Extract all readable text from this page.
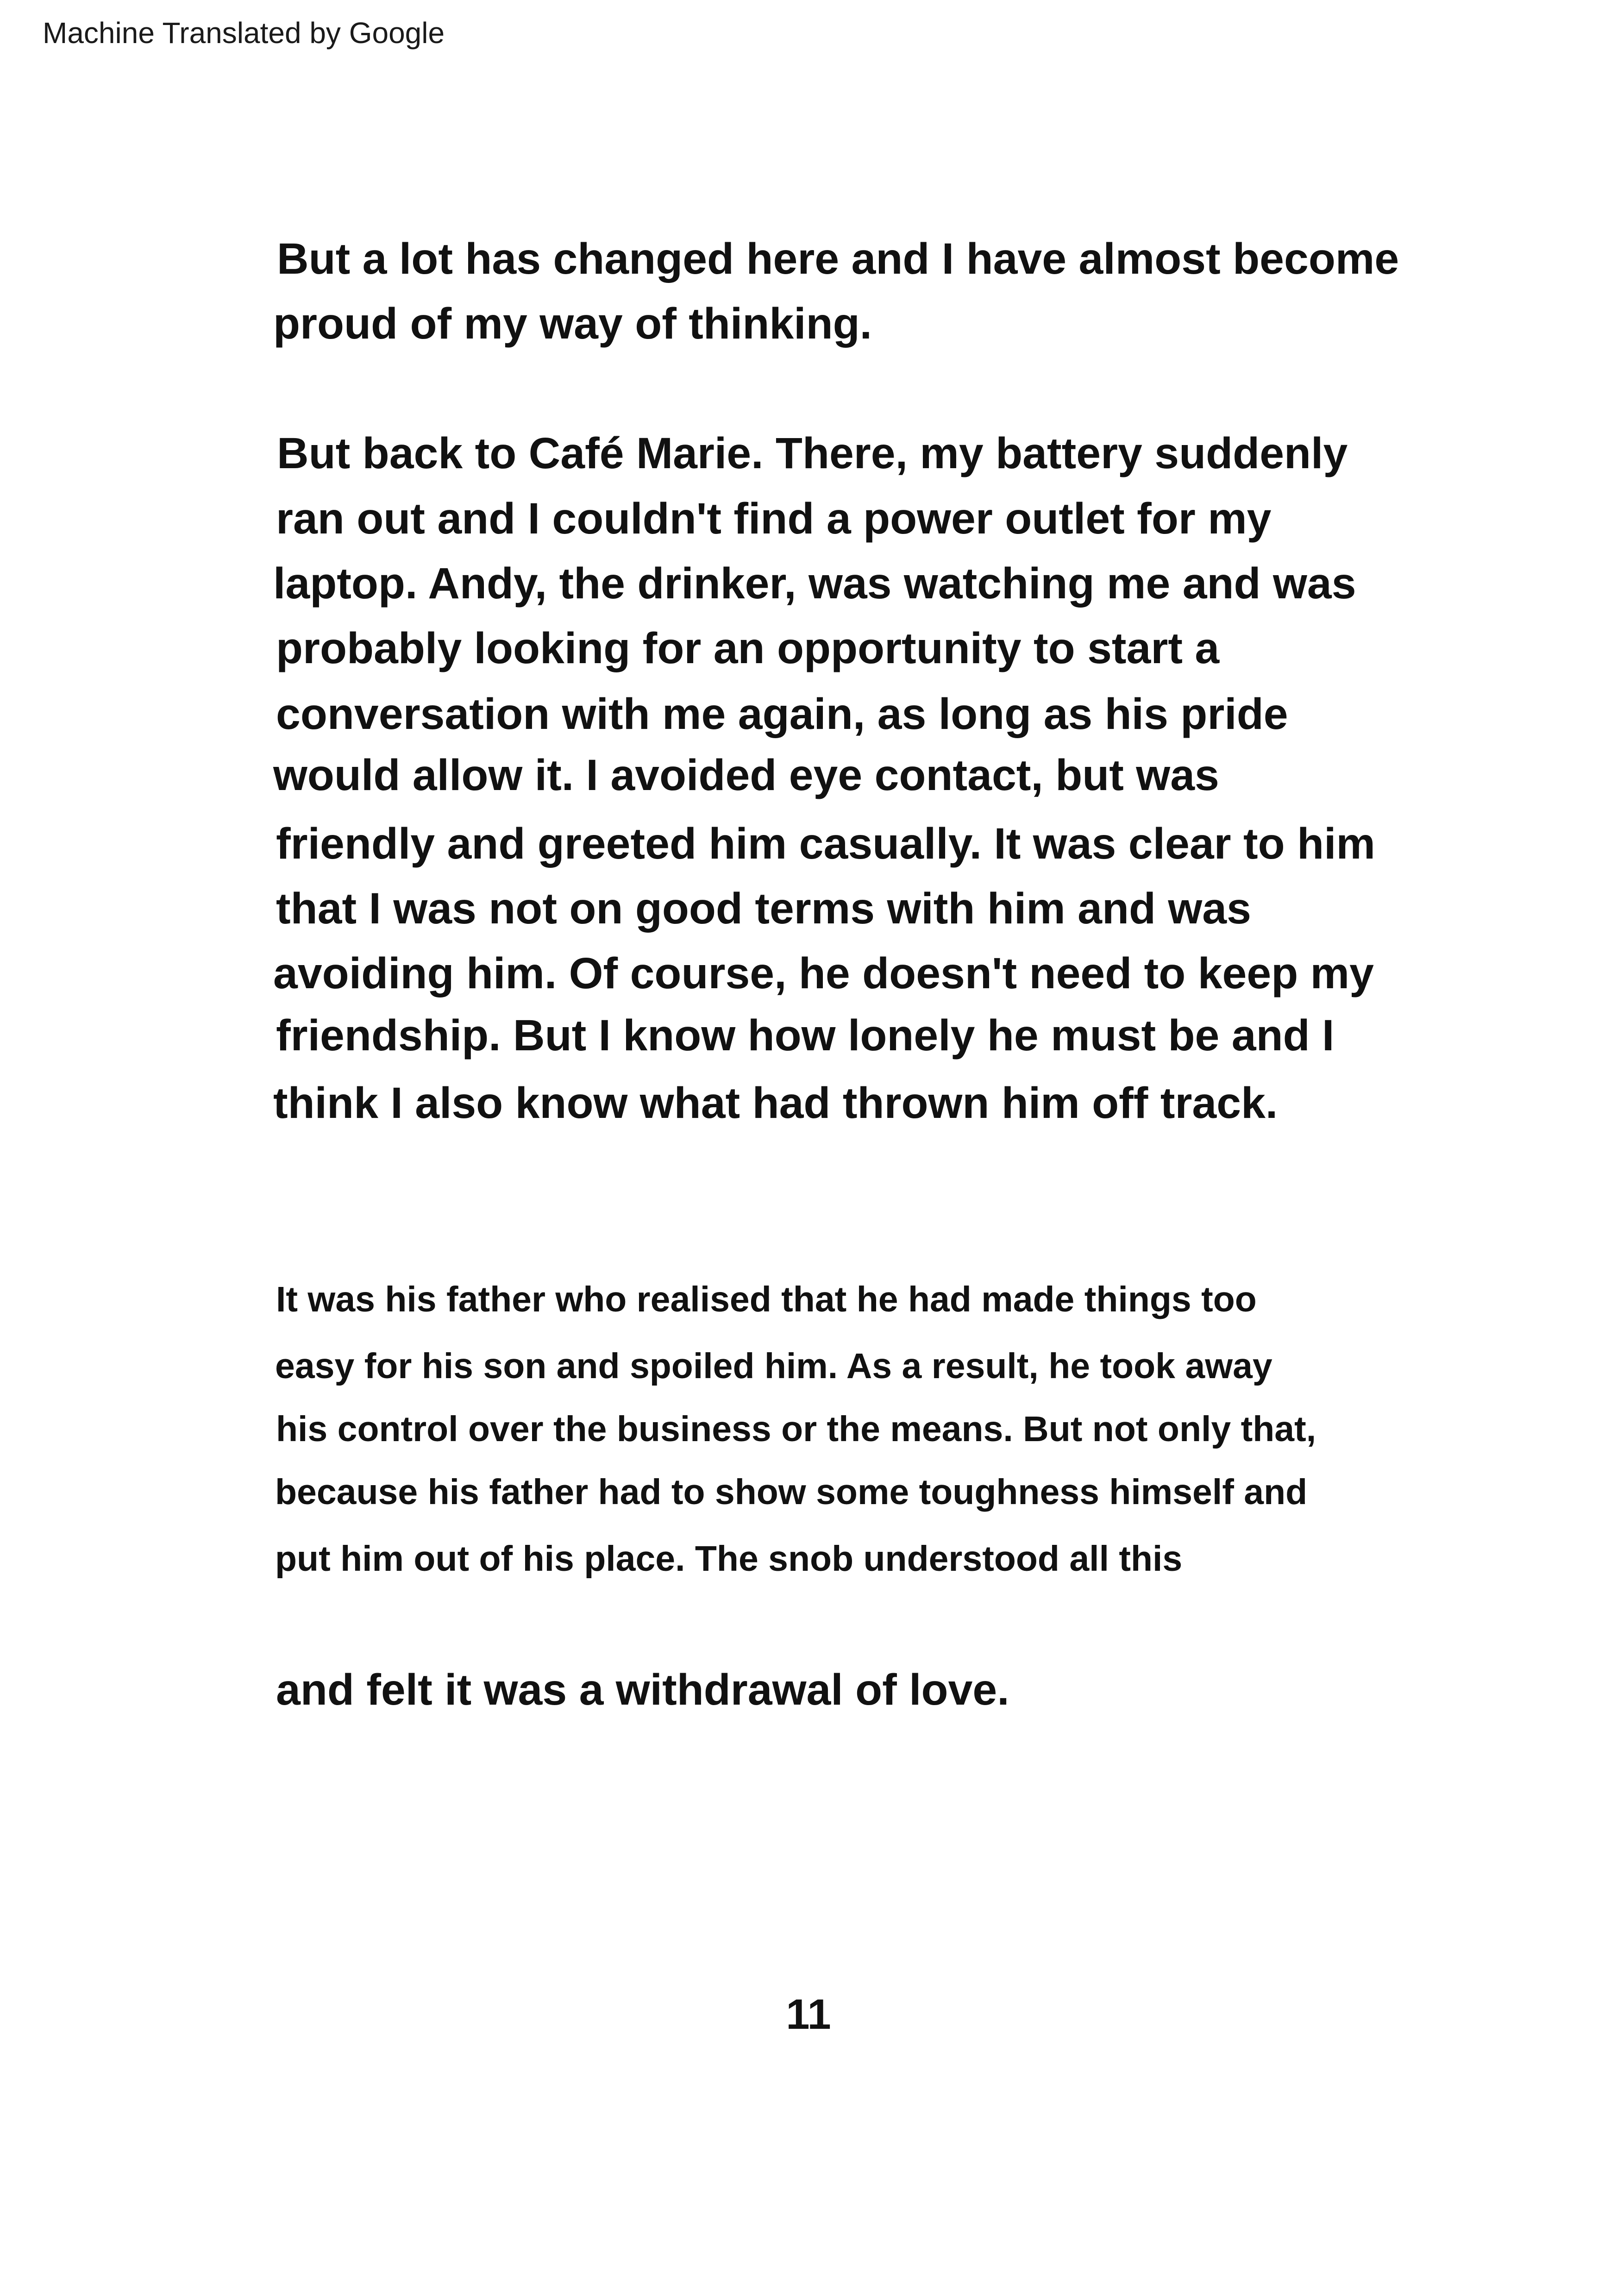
Machine Translated by Google
But a lot has changed here and I have almost become
proud of my way of thinking.
But back to Café Marie. There, my battery suddenly
ran out and I couldn't find a power outlet for my
laptop. Andy, the drinker, was watching me and was
probably looking for an opportunity to start a
conversation with me again, as long as his pride
would allow it. I avoided eye contact, but was
friendly and greeted him casually. It was clear to him
that I was not on good terms with him and was
avoiding him. Of course, he doesn't need to keep my
friendship. But I know how lonely he must be and I
think I also know what had thrown him off track.
It was his father who realised that he had made things too
easy for his son and spoiled him. As a result, he took away
his control over the business or the means. But not only that,
because his father had to show some toughness himself and
put him out of his place. The snob understood all this
and felt it was a withdrawal of love.
11
